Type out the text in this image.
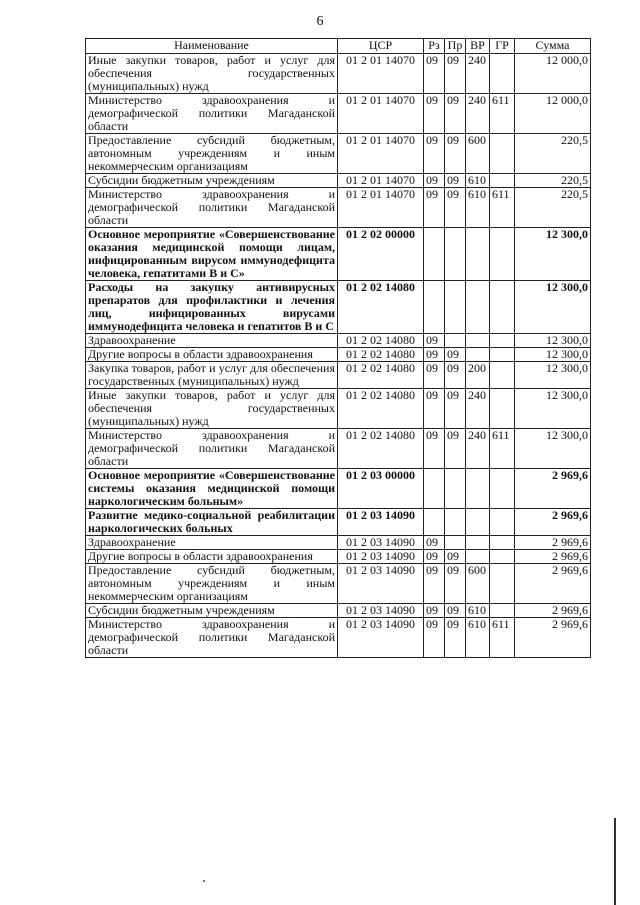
6
Наименование	ЦСР	Рз	Пр	ВР	ГР	Сумма
Иные закупки товаров, работ и услуг для обеспечения государственных (муниципальных) нужд	01 2 01 14070	09	09	240		12 000,0
Министерство здравоохранения и демографической политики Магаданской области	01 2 01 14070	09	09	240	611	12 000,0
Предоставление субсидий бюджетным, автономным учреждениям и иным некоммерческим организациям	01 2 01 14070	09	09	600		220,5
Субсидии бюджетным учреждениям	01 2 01 14070	09	09	610		220,5
Министерство здравоохранения и демографической политики Магаданской области	01 2 01 14070	09	09	610	611	220,5
Основное мероприятие «Совершенствование оказания медицинской помощи лицам, инфицированным вирусом иммунодефицита человека, гепатитами В и С»	01 2 02 00000					12 300,0
Расходы на закупку антивирусных препаратов для профилактики и лечения лиц, инфицированных вирусами иммунодефицита человека и гепатитов В и С	01 2 02 14080					12 300,0
Здравоохранение	01 2 02 14080	09				12 300,0
Другие вопросы в области здравоохранения	01 2 02 14080	09	09			12 300,0
Закупка товаров, работ и услуг для обеспечения государственных (муниципальных) нужд	01 2 02 14080	09	09	200		12 300,0
Иные закупки товаров, работ и услуг для обеспечения государственных (муниципальных) нужд	01 2 02 14080	09	09	240		12 300,0
Министерство здравоохранения и демографической политики Магаданской области	01 2 02 14080	09	09	240	611	12 300,0
Основное мероприятие «Совершенствование системы оказания медицинской помощи наркологическим больным»	01 2 03 00000					2 969,6
Развитие медико-социальной реабилитации наркологических больных	01 2 03 14090					2 969,6
Здравоохранение	01 2 03 14090	09				2 969,6
Другие вопросы в области здравоохранения	01 2 03 14090	09	09			2 969,6
Предоставление субсидий бюджетным, автономным учреждениям и иным некоммерческим организациям	01 2 03 14090	09	09	600		2 969,6
Субсидии бюджетным учреждениям	01 2 03 14090	09	09	610		2 969,6
Министерство здравоохранения и демографической политики Магаданской области	01 2 03 14090	09	09	610	611	2 969,6
